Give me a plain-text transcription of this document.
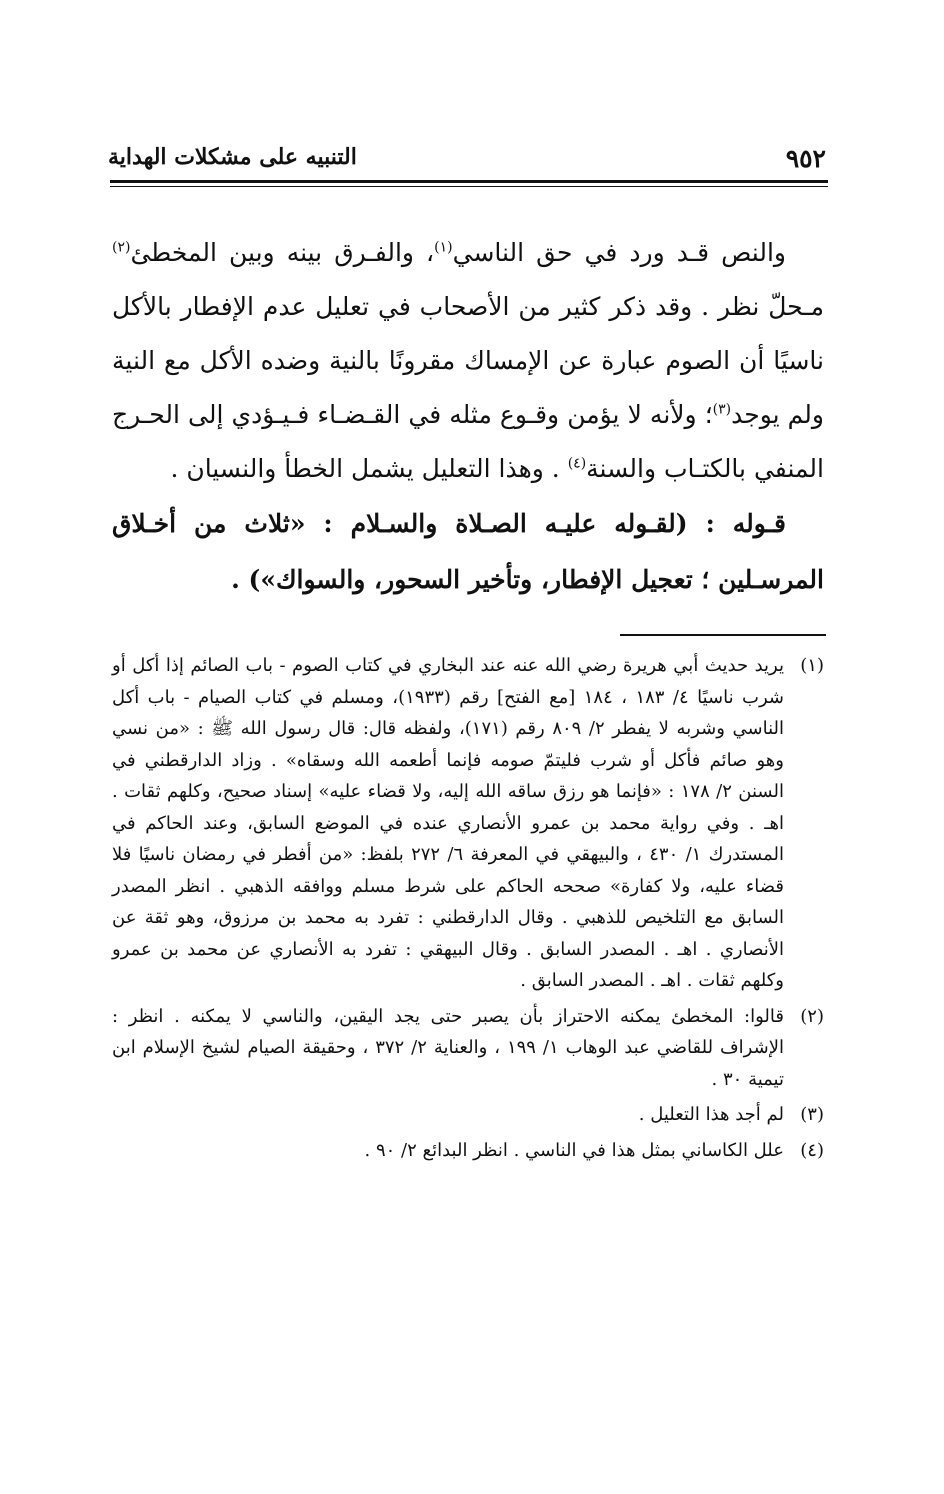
٩٥٢
التنبيه على مشكلات الهداية

والنص قـد ورد في حق الناسي$^{(١)}$، والفـرق بينه وبين المخطئ$^{(٢)}$ مـحلّ نظر . وقد ذكر كثير من الأصحاب في تعليل عدم الإفطار بالأكل ناسيًا أن الصوم عبارة عن الإمساك مقرونًا بالنية وضده الأكل مع النية ولم يوجد$^{(٣)}$؛ ولأنه لا يؤمن وقـوع مثله في القـضـاء فـيـؤدي إلى الحـرج المنفي بالكتـاب والسنة$^{(٤)}$ . وهذا التعليل يشمل الخطأ والنسيان .

قـوله : (لقـوله عليـه الصـلاة والسـلام : «ثلاث من أخـلاق المرسـلين ؛ تعجيل الإفطار، وتأخير السحور، والسواك») .

(١)
يريد حديث أبي هريرة رضي الله عنه عند البخاري في كتاب الصوم - باب الصائم إذا أكل أو شرب ناسيًا ٤/ ١٨٣ ، ١٨٤ [مع الفتح] رقم (١٩٣٣)، ومسلم في كتاب الصيام - باب أكل الناسي وشربه لا يفطر ٢/ ٨٠٩ رقم (١٧١)، ولفظه قال: قال رسول الله ﷺ : «من نسي وهو صائم فأكل أو شرب فليتمّ صومه فإنما أطعمه الله وسقاه» . وزاد الدارقطني في السنن ٢/ ١٧٨ : «فإنما هو رزق ساقه الله إليه، ولا قضاء عليه» إسناد صحيح، وكلهم ثقات . اهـ . وفي رواية محمد بن عمرو الأنصاري عنده في الموضع السابق، وعند الحاكم في المستدرك ١/ ٤٣٠ ، والبيهقي في المعرفة ٦/ ٢٧٢ بلفظ: «من أفطر في رمضان ناسيًا فلا قضاء عليه، ولا كفارة» صححه الحاكم على شرط مسلم ووافقه الذهبي . انظر المصدر السابق مع التلخيص للذهبي . وقال الدارقطني : تفرد به محمد بن مرزوق، وهو ثقة عن الأنصاري . اهـ . المصدر السابق . وقال البيهقي : تفرد به الأنصاري عن محمد بن عمرو وكلهم ثقات . اهـ . المصدر السابق .
(٢)
قالوا: المخطئ يمكنه الاحتراز بأن يصبر حتى يجد اليقين، والناسي لا يمكنه . انظر : الإشراف للقاضي عبد الوهاب ١/ ١٩٩ ، والعناية ٢/ ٣٧٢ ، وحقيقة الصيام لشيخ الإسلام ابن تيمية ٣٠ .
(٣)
لم أجد هذا التعليل .
(٤)
علل الكاساني بمثل هذا في الناسي . انظر البدائع ٢/ ٩٠ .
